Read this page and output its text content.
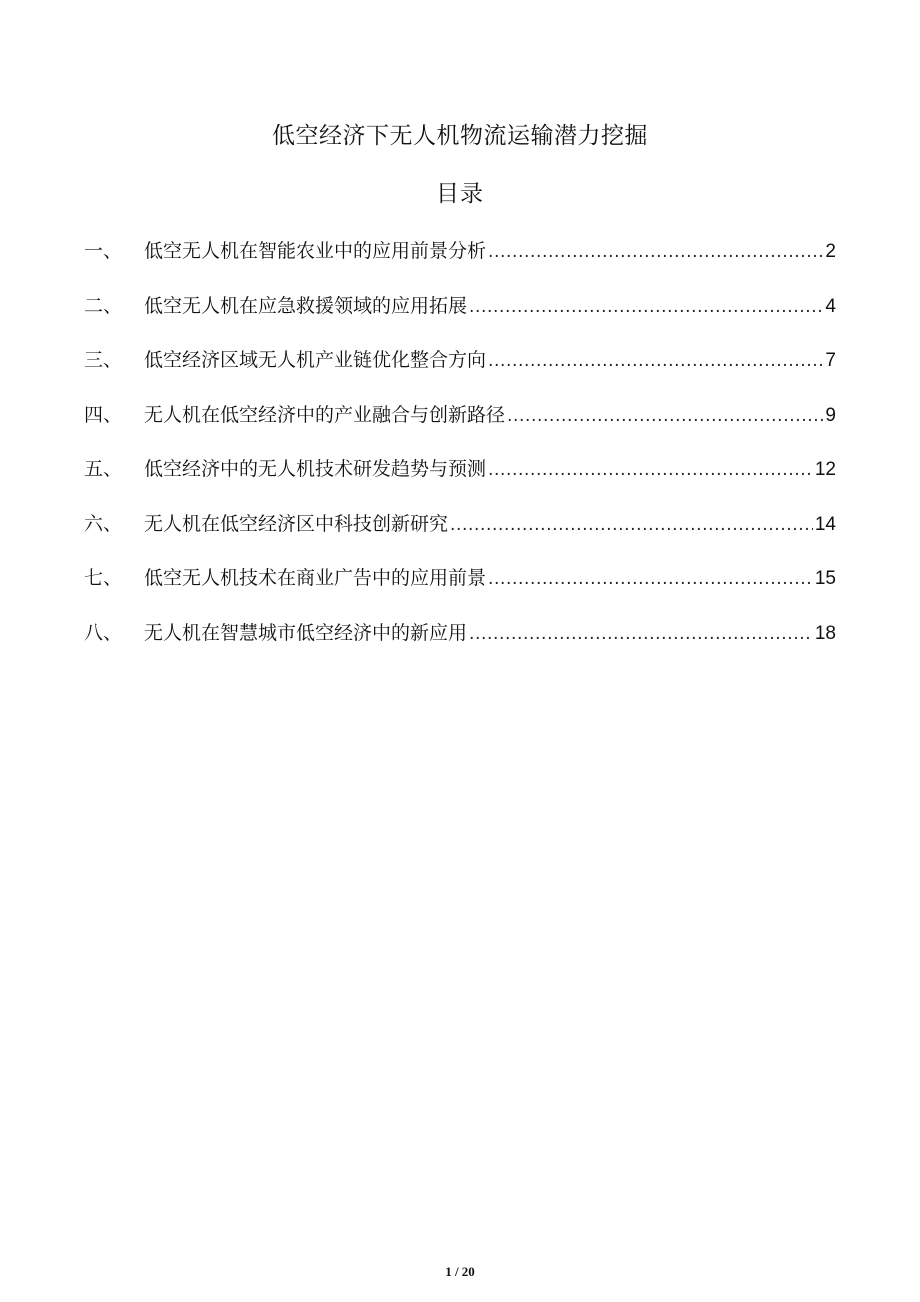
低空经济下无人机物流运输潜力挖掘
目录
一、	低空无人机在智能农业中的应用前景分析 .....	2
二、	低空无人机在应急救援领域的应用拓展 .....	4
三、	低空经济区域无人机产业链优化整合方向 .....	7
四、	无人机在低空经济中的产业融合与创新路径 .....	9
五、	低空经济中的无人机技术研发趋势与预测 .....	12
六、	无人机在低空经济区中科技创新研究 .....	14
七、	低空无人机技术在商业广告中的应用前景 .....	15
八、	无人机在智慧城市低空经济中的新应用 .....	18
1 / 20
